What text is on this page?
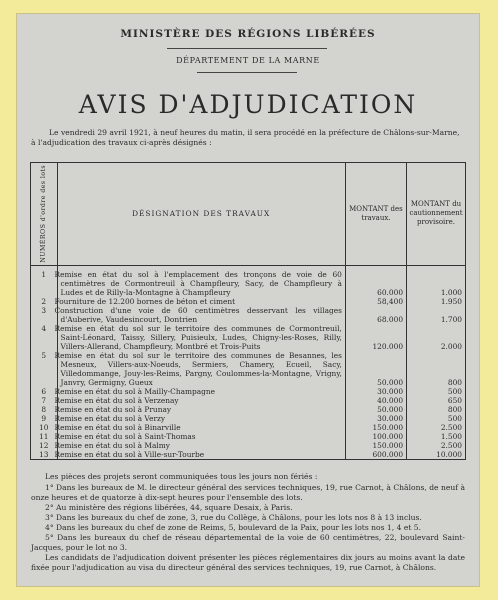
MINISTÈRE DES RÉGIONS LIBÉRÉES
DÉPARTEMENT DE LA MARNE
AVIS D'ADJUDICATION
Le vendredi 29 avril 1921, à neuf heures du matin, il sera procédé en la préfecture de Châlons-sur-Marne, à l'adjudication des travaux ci-après désignés :
NUMÉROS d'ordre des lots	DÉSIGNATION DES TRAVAUX	MONTANT des travaux.	MONTANT du cautionnement provisoire.

1	Remise en état du sol à l'emplacement des tronçons de voie de 60 centimètres de Cormontreuil à Champfleury, Sacy, de Champfleury à Ludes et de Rilly-la-Montagne à Champfleury	60.000	1.000
2	Fourniture de 12.200 bornes de béton et ciment	58,400	1.950
3	Construction d'une voie de 60 centimètres desservant les villages d'Auberive, Vaudesincourt, Dontrien	68.000	1.700
4	Remise en état du sol sur le territoire des communes de Cormontreuil, Saint-Léonard, Taissy, Sillery, Puisieulx, Ludes, Chigny-les-Roses, Rilly, Villers-Allerand, Champfleury, Montbré et Trois-Puits	120.000	2.000
5	Remise en état du sol sur le territoire des communes de Besannes, les Mesneux, Villers-aux-Noeuds, Sermiers, Chamery, Ecueil, Sacy, Villedommange, Jouy-les-Reims, Pargny, Coulommes-la-Montagne, Vrigny, Janvry, Germigny, Gueux	50.000	800
6	Remise en état du sol à Mailly-Champagne	30.000	500
7	Remise en état du sol à Verzenay	40.000	650
8	Remise en état du sol à Prunay	50.000	800
9	Remise en état du sol à Verzy	30.000	500
10	Remise en état du sol à Binarville	150.000	2.500
11	Remise en état du sol à Saint-Thomas	100.000	1.500
12	Remise en état du sol à Malmy	150.000	2.500
13	Remise en état du sol à Ville-sur-Tourbe	600.000	10.000

Les pièces des projets seront communiquées tous les jours non fériés :

1° Dans les bureaux de M. le directeur général des services techniques, 19, rue Carnot, à Châlons, de neuf à onze heures et de quatorze à dix-sept heures pour l'ensemble des lots.

2° Au ministère des régions libérées, 44, square Desaix, à Paris.

3° Dans les bureaux du chef de zone, 3, rue du Collège, à Châlons, pour les lots nos 8 à 13 inclus.

4° Dans les bureaux du chef de zone de Reims, 5, boulevard de la Paix, pour les lots nos 1, 4 et 5.

5° Dans les bureaux du chef de réseau départemental de la voie de 60 centimètres, 22, boulevard Saint-Jacques, pour le lot no 3.

Les candidats de l'adjudication doivent présenter les pièces réglementaires dix jours au moins avant la date fixée pour l'adjudication au visa du directeur général des services techniques, 19, rue Carnot, à Châlons.
